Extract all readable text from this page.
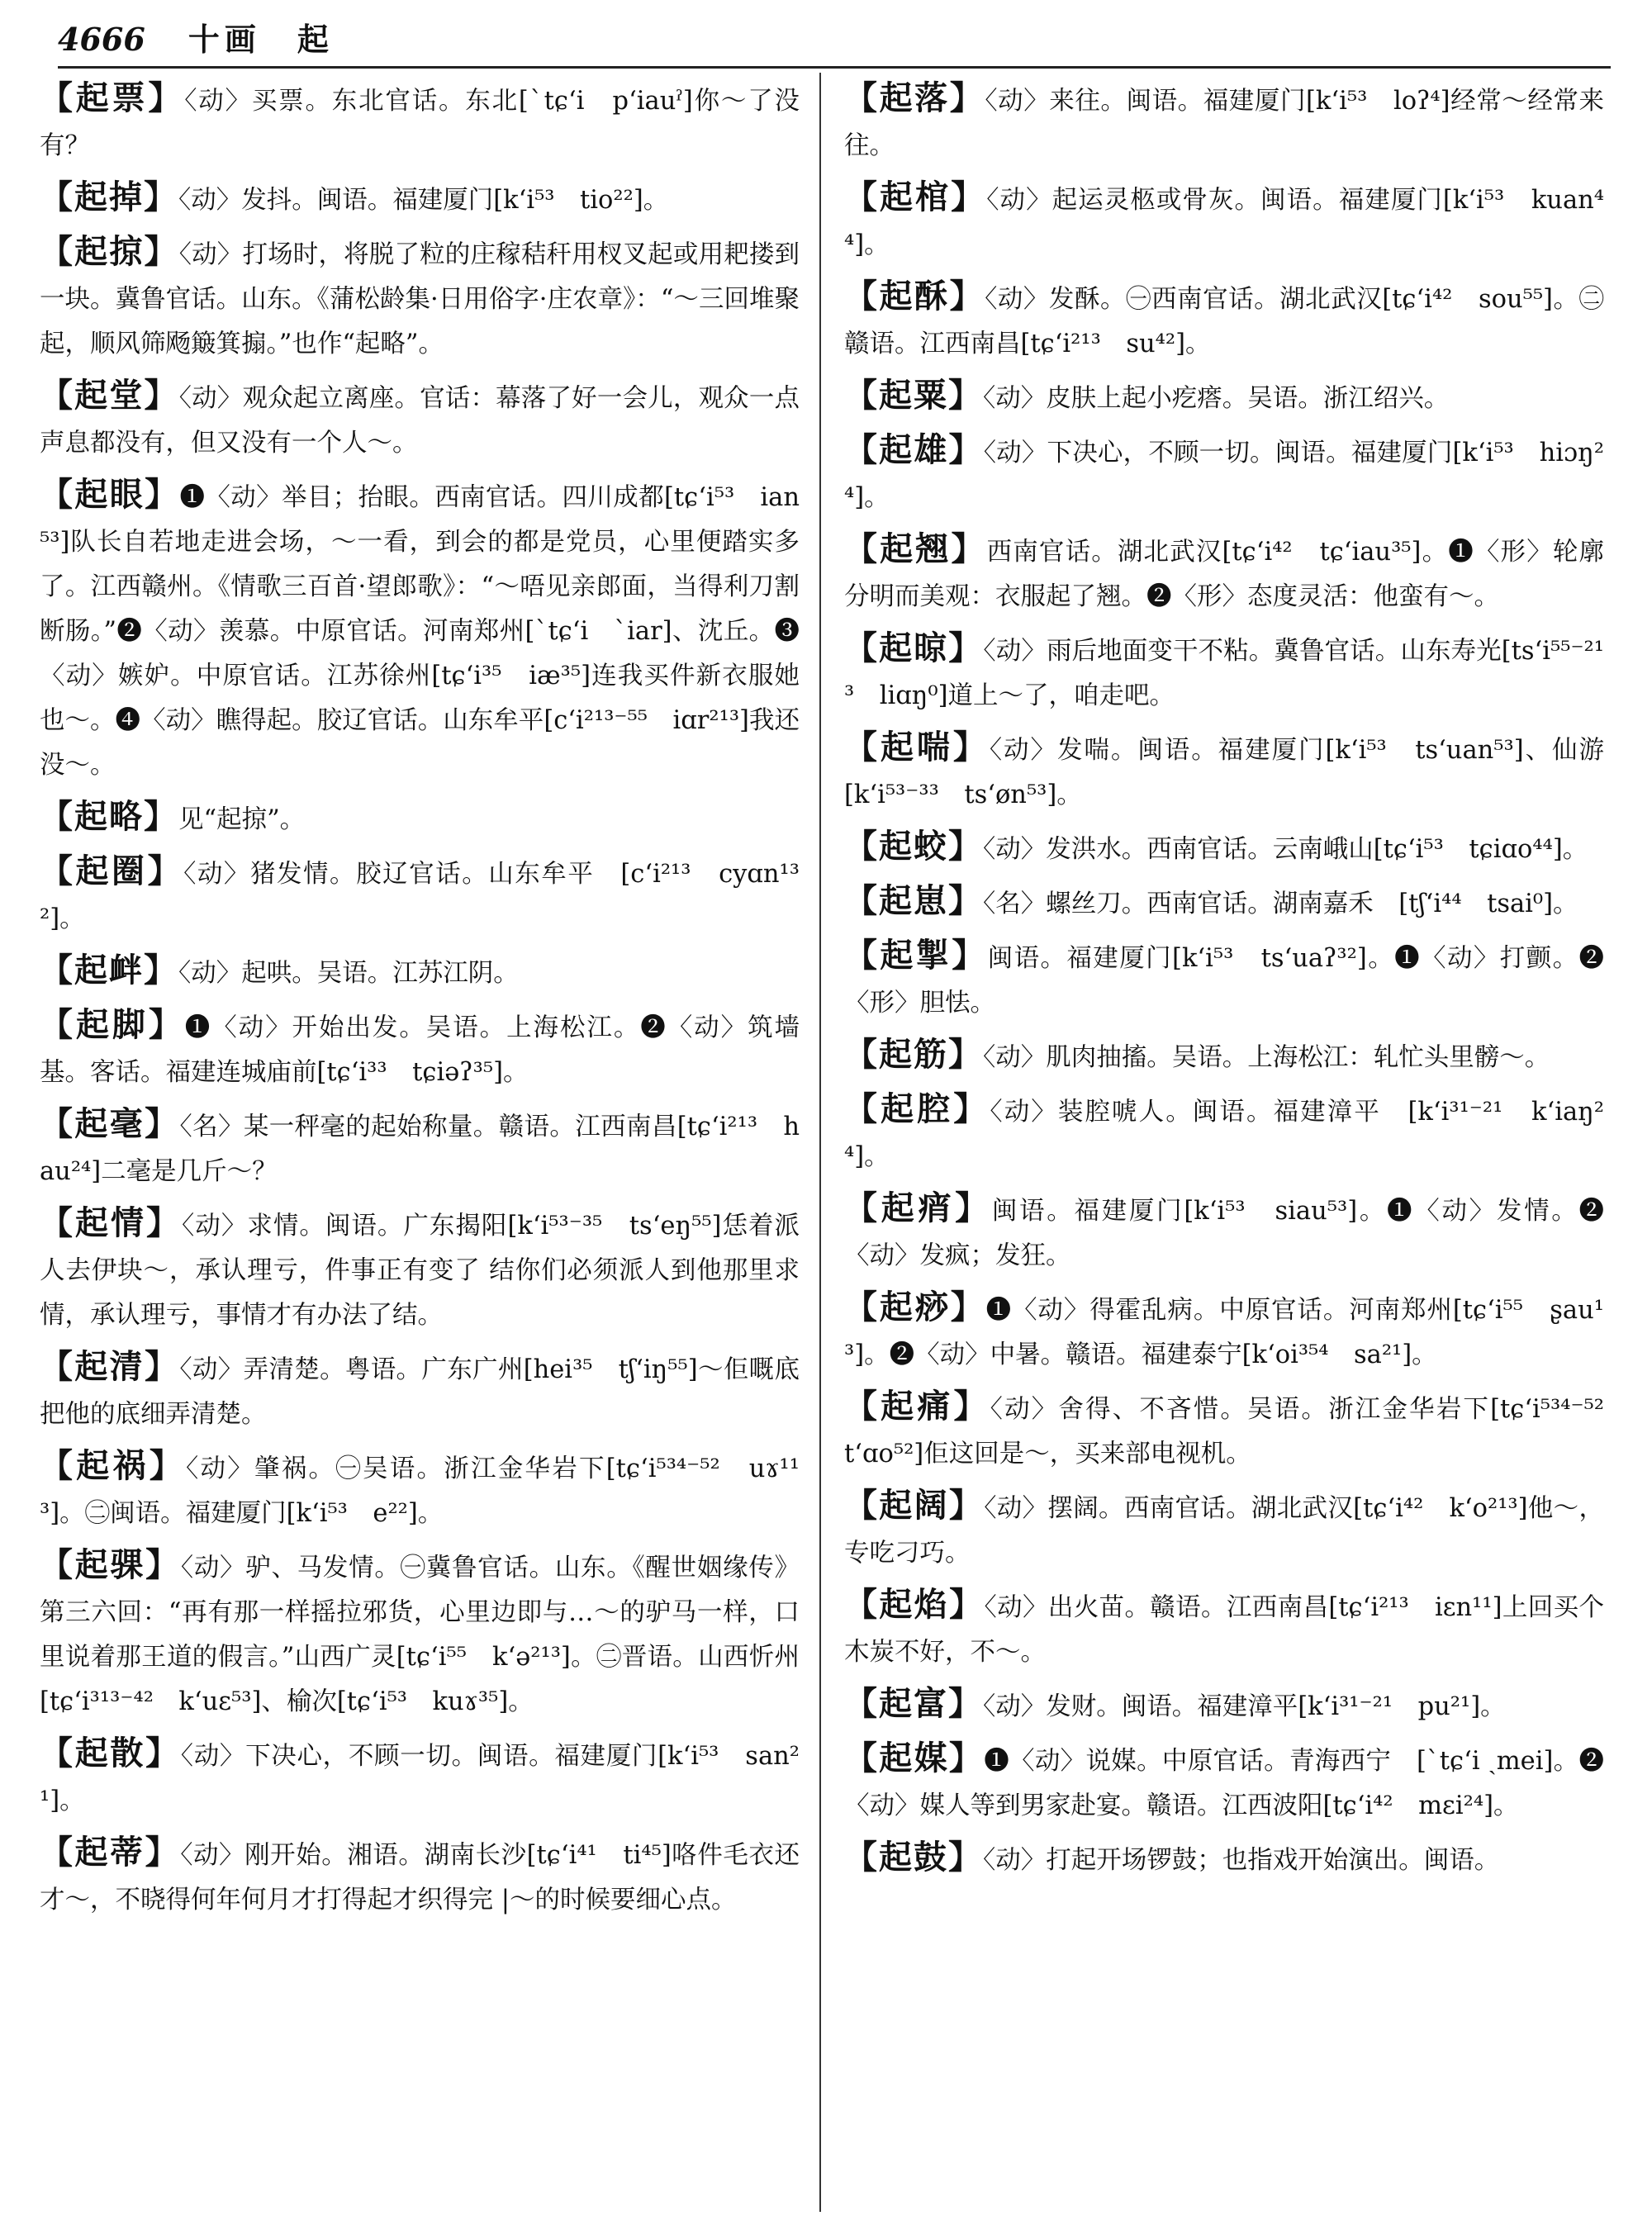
4666 十画　起

【起票】〈动〉买票。东北官话。东北[ˋtɕ‘i　p‘iauˀ]你～了没有？

【起掉】〈动〉发抖。闽语。福建厦门[k‘i⁵³　tio²²]。

【起掠】〈动〉打场时，将脱了粒的庄稼秸秆用杈叉起或用耙搂到一块。冀鲁官话。山东。《蒲松龄集·日用俗字·庄农章》：“～三回堆聚起，顺风筛飏簸箕搧。”也作“起略”。

【起堂】〈动〉观众起立离座。官话：幕落了好一会儿，观众一点声息都没有，但又没有一个人～。

【起眼】❶〈动〉举目；抬眼。西南官话。四川成都[tɕ‘i⁵³　ian⁵³]队长自若地走进会场，～一看，到会的都是党员，心里便踏实多了。江西赣州。《情歌三百首·望郎歌》：“～唔见亲郎面，当得利刀割断肠。”❷〈动〉羡慕。中原官话。河南郑州[ˋtɕ‘i　ˋiar]、沈丘。❸〈动〉嫉妒。中原官话。江苏徐州[tɕ‘i³⁵　iæ³⁵]连我买件新衣服她也～。❹〈动〉瞧得起。胶辽官话。山东牟平[c‘i²¹³⁻⁵⁵　iɑr²¹³]我还没～。

【起略】见“起掠”。

【起圈】〈动〉猪发情。胶辽官话。山东牟平　[c‘i²¹³　cyɑn¹³²]。

【起衅】〈动〉起哄。吴语。江苏江阴。

【起脚】❶〈动〉开始出发。吴语。上海松江。❷〈动〉筑墙基。客话。福建连城庙前[tɕ‘i³³　tɕiəʔ³⁵]。

【起毫】〈名〉某一秤毫的起始称量。赣语。江西南昌[tɕ‘i²¹³　hau²⁴]二毫是几斤～？

【起情】〈动〉求情。闽语。广东揭阳[k‘i⁵³⁻³⁵　ts‘eŋ⁵⁵]恁着派人去伊块～，承认理亏，件事正有变了 结你们必须派人到他那里求情，承认理亏，事情才有办法了结。

【起清】〈动〉弄清楚。粤语。广东广州[hei³⁵　tʃ‘iŋ⁵⁵]～佢嘅底把他的底细弄清楚。

【起祸】〈动〉肇祸。㊀吴语。浙江金华岩下[tɕ‘i⁵³⁴⁻⁵²　uɤ¹¹³]。㊁闽语。福建厦门[k‘i⁵³　e²²]。

【起骒】〈动〉驴、马发情。㊀冀鲁官话。山东。《醒世姻缘传》第三六回：“再有那一样摇拉邪货，心里边即与…～的驴马一样，口里说着那王道的假言。”山西广灵[tɕ‘i⁵⁵　k‘ə²¹³]。㊁晋语。山西忻州[tɕ‘i³¹³⁻⁴²　k‘uɛ⁵³]、榆次[tɕ‘i⁵³　kuɤ³⁵]。

【起散】〈动〉下决心，不顾一切。闽语。福建厦门[k‘i⁵³　san²¹]。

【起蒂】〈动〉刚开始。湘语。湖南长沙[tɕ‘i⁴¹　ti⁴⁵]咯件毛衣还才～，不晓得何年何月才打得起才织得完 |～的时候要细心点。

【起落】〈动〉来往。闽语。福建厦门[k‘i⁵³　loʔ⁴]经常～经常来往。

【起棺】〈动〉起运灵柩或骨灰。闽语。福建厦门[k‘i⁵³　kuan⁴⁴]。

【起酥】〈动〉发酥。㊀西南官话。湖北武汉[tɕ‘i⁴²　sou⁵⁵]。㊁赣语。江西南昌[tɕ‘i²¹³　su⁴²]。

【起粟】〈动〉皮肤上起小疙瘩。吴语。浙江绍兴。

【起雄】〈动〉下决心，不顾一切。闽语。福建厦门[k‘i⁵³　hiɔŋ²⁴]。

【起翘】西南官话。湖北武汉[tɕ‘i⁴²　tɕ‘iau³⁵]。❶〈形〉轮廓分明而美观：衣服起了翘。❷〈形〉态度灵活：他蛮有～。

【起晾】〈动〉雨后地面变干不粘。冀鲁官话。山东寿光[ts‘i⁵⁵⁻²¹³　liɑŋ⁰]道上～了，咱走吧。

【起喘】〈动〉发喘。闽语。福建厦门[k‘i⁵³　ts‘uan⁵³]、仙游[k‘i⁵³⁻³³　ts‘øn⁵³]。

【起蛟】〈动〉发洪水。西南官话。云南峨山[tɕ‘i⁵³　tɕiɑo⁴⁴]。

【起崽】〈名〉螺丝刀。西南官话。湖南嘉禾　[tʃ‘i⁴⁴　tsai⁰]。

【起掣】闽语。福建厦门[k‘i⁵³　ts‘uaʔ³²]。❶〈动〉打颤。❷〈形〉胆怯。

【起筋】〈动〉肌肉抽搐。吴语。上海松江：轧忙头里髈～。

【起腔】〈动〉装腔唬人。闽语。福建漳平　[k‘i³¹⁻²¹　k‘iaŋ²⁴]。

【起痟】闽语。福建厦门[k‘i⁵³　siau⁵³]。❶〈动〉发情。❷〈动〉发疯；发狂。

【起痧】❶〈动〉得霍乱病。中原官话。河南郑州[tɕ‘i⁵⁵　ʂau¹³]。❷〈动〉中暑。赣语。福建泰宁[k‘oi³⁵⁴　sa²¹]。

【起痛】〈动〉舍得、不吝惜。吴语。浙江金华岩下[tɕ‘i⁵³⁴⁻⁵²　t‘ɑo⁵²]佢这回是～，买来部电视机。

【起阔】〈动〉摆阔。西南官话。湖北武汉[tɕ‘i⁴²　k‘o²¹³]他～，专吃刁巧。

【起焰】〈动〉出火苗。赣语。江西南昌[tɕ‘i²¹³　iɛn¹¹]上回买个木炭不好，不～。

【起富】〈动〉发财。闽语。福建漳平[k‘i³¹⁻²¹　pu²¹]。

【起媒】❶〈动〉说媒。中原官话。青海西宁　[ˋtɕ‘i ˏmei]。❷〈动〉媒人等到男家赴宴。赣语。江西波阳[tɕ‘i⁴²　mɛi²⁴]。

【起鼓】〈动〉打起开场锣鼓；也指戏开始演出。闽语。
